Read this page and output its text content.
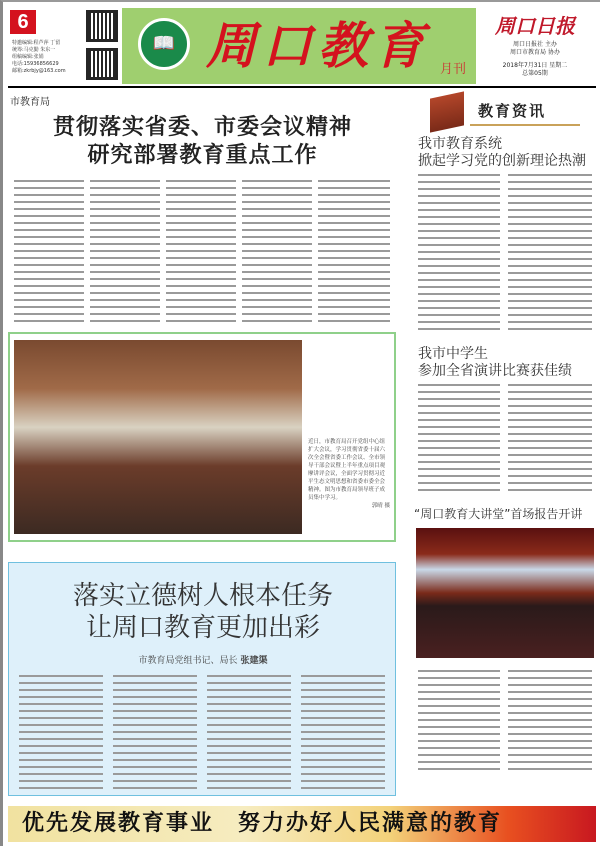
6
特邀编辑:程芦萍 丁留
统筹:马克勤 朱东一
组稿编辑:张娟
电话:15936856629
邮箱:zkrbjy@163.com
📖 周口教育 月刊
周口日报
周口日报社 主办
周口市教育局 协办
2018年7月31日 星期二
总第05期
市教育局
贯彻落实省委、市委会议精神
研究部署教育重点工作
近日，市教育局召开党组中心组扩大会议，学习贯彻省委十届六次全会暨省委工作会议、全市领导干部会议暨上半年重点项目观摩讲评会议，全面学习贯彻习近平生态文明思想和省委市委全会精神。图为市教育局领导班子成员集中学习。
郭晴 摄
落实立德树人根本任务
让周口教育更加出彩
市教育局党组书记、局长 张建渠
教育资讯
我市教育系统
掀起学习党的创新理论热潮
我市中学生
参加全省演讲比赛获佳绩
“周口教育大讲堂”首场报告开讲
优先发展教育事业　努力办好人民满意的教育
